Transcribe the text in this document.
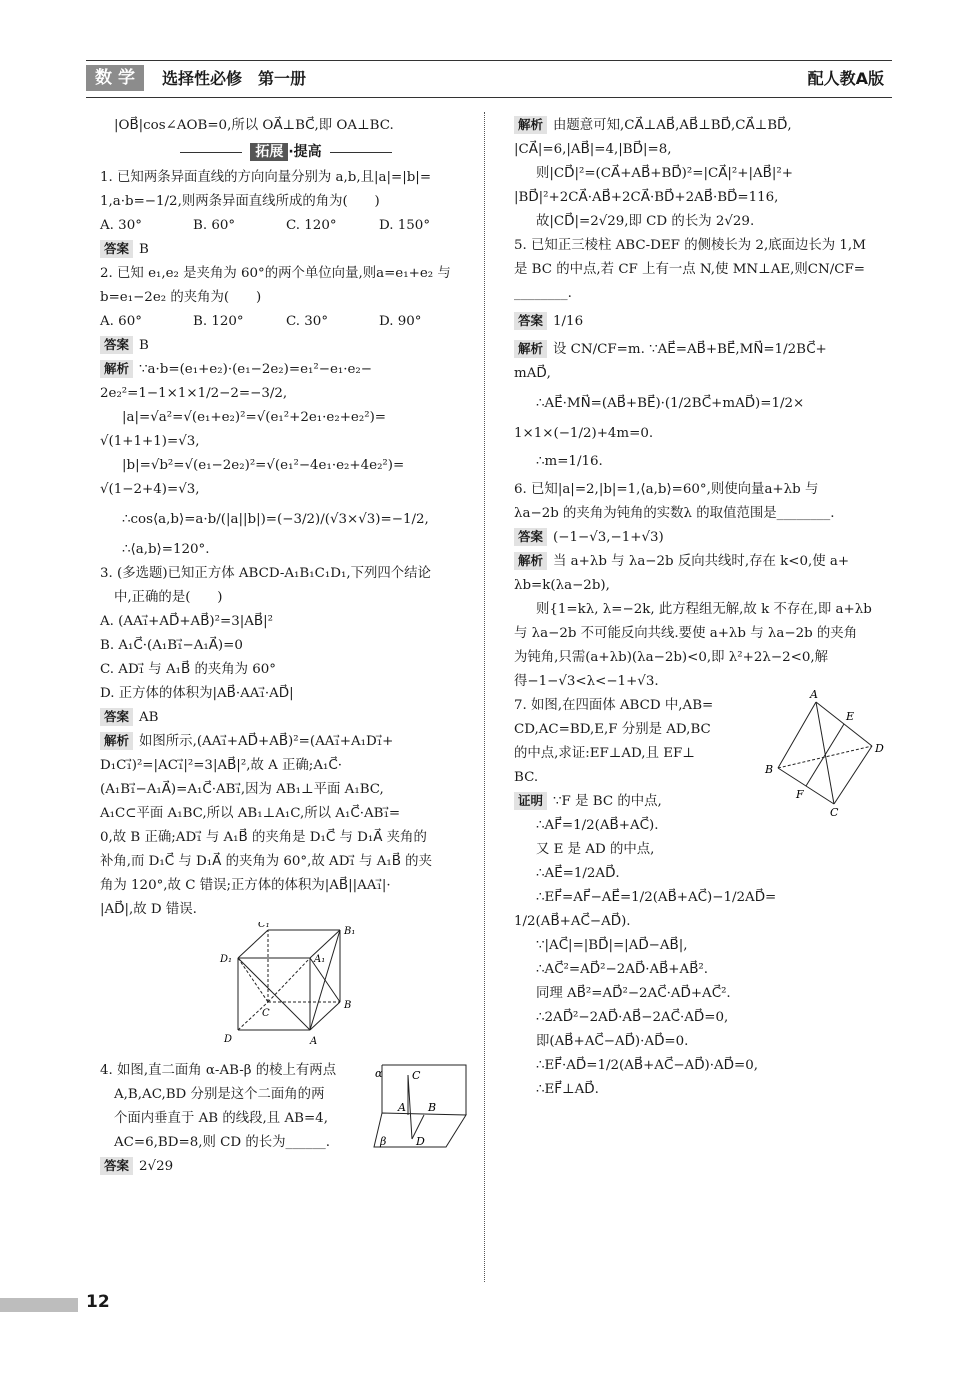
数 学	选择性必修　第一册	配人教A版

|OB⃗|cos∠AOB=0,所以 OA⃗⊥BC⃗,即 OA⊥BC.

拓展 ·提高

1. 已知两条异面直线的方向向量分别为 a,b,且|a|=|b|=

1,a·b=−1/2,则两条异面直线所成的角为(　　)

A. 30°	B. 60°	C. 120°	D. 150°

答案 B

2. 已知 e₁,e₂ 是夹角为 60°的两个单位向量,则a=e₁+e₂ 与

b=e₁−2e₂ 的夹角为(　　)

A. 60°	B. 120°	C. 30°	D. 90°

答案 B

解析 ∵a·b=(e₁+e₂)·(e₁−2e₂)=e₁²−e₁·e₂−

2e₂²=1−1×1×1/2−2=−3/2,

|a|=√a²=√(e₁+e₂)²=√(e₁²+2e₁·e₂+e₂²)=

√(1+1+1)=√3,

|b|=√b²=√(e₁−2e₂)²=√(e₁²−4e₁·e₂+4e₂²)=

√(1−2+4)=√3,

∴cos⟨a,b⟩=a·b/(|a||b|)=(−3/2)/(√3×√3)=−1/2,

∴⟨a,b⟩=120°.

3. (多选题)已知正方体 ABCD-A₁B₁C₁D₁,下列四个结论

中,正确的是(　　)

A. (AA₁⃗+AD⃗+AB⃗)²=3|AB⃗|²

B. A₁C⃗·(A₁B₁⃗−A₁A⃗)=0

C. AD₁⃗ 与 A₁B⃗ 的夹角为 60°

D. 正方体的体积为|AB⃗·AA₁⃗·AD⃗|

答案 AB

解析 如图所示,(AA₁⃗+AD⃗+AB⃗)²=(AA₁⃗+A₁D₁⃗+

D₁C₁⃗)²=|AC₁⃗|²=3|AB⃗|²,故 A 正确;A₁C⃗·

(A₁B₁⃗−A₁A⃗)=A₁C⃗·AB₁⃗,因为 AB₁⊥平面 A₁BC,

A₁C⊂平面 A₁BC,所以 AB₁⊥A₁C,所以 A₁C⃗·AB₁⃗=

0,故 B 正确;AD₁⃗ 与 A₁B⃗ 的夹角是 D₁C⃗ 与 D₁A⃗ 夹角的

补角,而 D₁C⃗ 与 D₁A⃗ 的夹角为 60°,故 AD₁⃗ 与 A₁B⃗ 的夹

角为 120°,故 C 错误;正方体的体积为|AB⃗||AA₁⃗|·

|AD⃗|,故 D 错误.

C₁
B₁
D₁	A₁
C
B
D	A

4. 如图,直二面角 α-AB-β 的棱上有两点

A,B,AC,BD 分别是这个二面角的两

个面内垂直于 AB 的线段,且 AB=4,

AC=6,BD=8,则 CD 的长为______.

答案 2√29

α	C
A B
β	D

解析 由题意可知,CA⃗⊥AB⃗,AB⃗⊥BD⃗,CA⃗⊥BD⃗,

|CA⃗|=6,|AB⃗|=4,|BD⃗|=8,

则|CD⃗|²=(CA⃗+AB⃗+BD⃗)²=|CA⃗|²+|AB⃗|²+

|BD⃗|²+2CA⃗·AB⃗+2CA⃗·BD⃗+2AB⃗·BD⃗=116,

故|CD⃗|=2√29,即 CD 的长为 2√29.

5. 已知正三棱柱 ABC-DEF 的侧棱长为 2,底面边长为 1,M

是 BC 的中点,若 CF 上有一点 N,使 MN⊥AE,则CN/CF=

________.

答案 1/16

解析 设 CN/CF=m. ∵AE⃗=AB⃗+BE⃗,MN⃗=1/2BC⃗+

mAD⃗,

∴AE⃗·MN⃗=(AB⃗+BE⃗)·(1/2BC⃗+mAD⃗)=1/2×

1×1×(−1/2)+4m=0.

∴m=1/16.

6. 已知|a|=2,|b|=1,⟨a,b⟩=60°,则使向量a+λb 与

λa−2b 的夹角为钝角的实数λ 的取值范围是________.

答案 (−1−√3,−1+√3)

解析 当 a+λb 与 λa−2b 反向共线时,存在 k<0,使 a+

λb=k(λa−2b),

则{1=kλ, λ=−2k, 此方程组无解,故 k 不存在,即 a+λb

与 λa−2b 不可能反向共线.要使 a+λb 与 λa−2b 的夹角

为钝角,只需(a+λb)(λa−2b)<0,即 λ²+2λ−2<0,解

得−1−√3<λ<−1+√3.

7. 如图,在四面体 ABCD 中,AB=

CD,AC=BD,E,F 分别是 AD,BC

的中点,求证:EF⊥AD,且 EF⊥

BC.

A
E
D
B
F
C

证明 ∵F 是 BC 的中点,

∴AF⃗=1/2(AB⃗+AC⃗).

又 E 是 AD 的中点,

∴AE⃗=1/2AD⃗.

∴EF⃗=AF⃗−AE⃗=1/2(AB⃗+AC⃗)−1/2AD⃗=

1/2(AB⃗+AC⃗−AD⃗).

∵|AC⃗|=|BD⃗|=|AD⃗−AB⃗|,

∴AC⃗²=AD⃗²−2AD⃗·AB⃗+AB⃗².

同理 AB⃗²=AD⃗²−2AC⃗·AD⃗+AC⃗².

∴2AD⃗²−2AD⃗·AB⃗−2AC⃗·AD⃗=0,

即(AB⃗+AC⃗−AD⃗)·AD⃗=0.

∴EF⃗·AD⃗=1/2(AB⃗+AC⃗−AD⃗)·AD⃗=0,

∴EF⃗⊥AD⃗.

12
